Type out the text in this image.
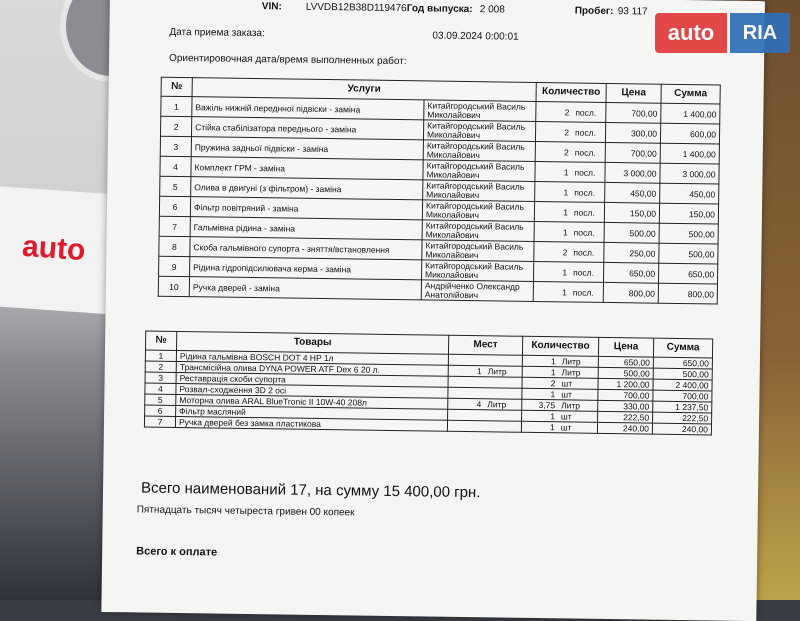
auto
VIN: LVVDB12B38D119476 Год выпуска: 2 008	Пробег: 93 117
Дата приема заказа:	03.09.2024 0:00:01
Ориентировочная дата/время выполненных работ:
№	Услуги		Количество		Цена	Сумма
1	Важіль нижній переднної підвіски - заміна	Китайгородський Василь
Миколайович	2	посл.	700,00	1 400,00
2	Стійка стабілізатора переднього - заміна	Китайгородський Василь
Миколайович	2	посл.	300,00	600,00
3	Пружина задньої підвіски - заміна	Китайгородський Василь
Миколайович	2	посл.	700,00	1 400,00
4	Комплект ГРМ - заміна	Китайгородський Василь
Миколайович	1	посл.	3 000,00	3 000,00
5	Олива в двигуні (з фільтром) - заміна	Китайгородський Василь
Миколайович	1	посл.	450,00	450,00
6	Фільтр повітряний - заміна	Китайгородський Василь
Миколайович	1	посл.	150,00	150,00
7	Гальмівна рідина - заміна	Китайгородський Василь
Миколайович	1	посл.	500,00	500,00
8	Скоба гальмівного супорта - зняття/встановлення	Китайгородський Василь
Миколайович	2	посл.	250,00	500,00
9	Рідина гідропідсилювача керма - заміна	Китайгородський Василь
Миколайович	1	посл.	650,00	650,00
10	Ручка дверей - заміна	Андрійченко Олександр
Анатолійович	1	посл.	800,00	800,00
№	Товары	Мест		Количество		Цена	Сумма
1	Рідина гальмівна BOSCH DOT 4 HP 1л			1	Литр	650,00	650,00
2	Трансмісійна олива DYNA POWER ATF Dex 6 20 л.	1	Литр	1	Литр	500,00	500,00
3	Реставрація скоби супорта			2	шт	1 200,00	2 400,00
4	Розвал-сходження 3D 2 осі			1	шт	700,00	700,00
5	Моторна олива ARAL BlueTronic II 10W-40 208л	4	Литр	3,75	Литр	330,00	1 237,50
6	Фільтр масляний			1	шт	222,50	222,50
7	Ручка дверей без замка пластикова			1	шт	240,00	240,00
Всего наименований 17, на сумму 15 400,00 грн.
Пятнадцать тысяч четыреста гривен 00 копеек
Всего к оплате
auto	RIA
